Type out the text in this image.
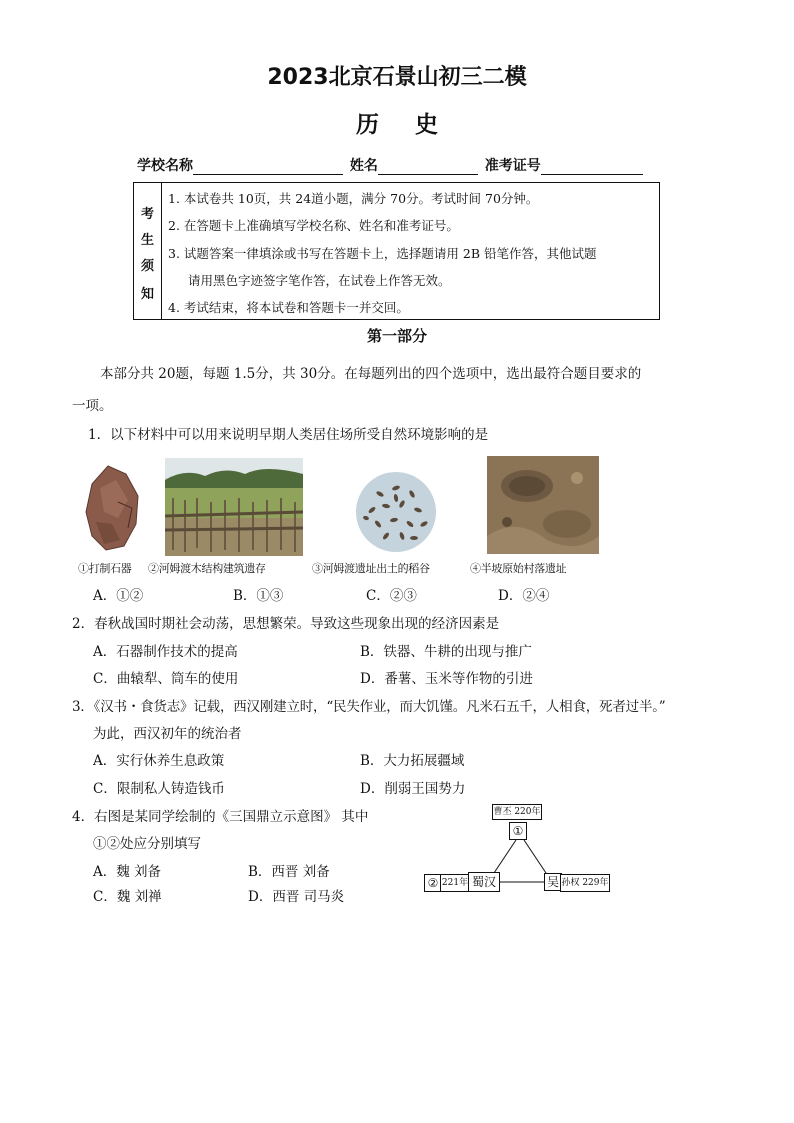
2023北京石景山初三二模
历史
学校名称	姓名	准考证号
考
生
须
知
1. 本试卷共 10页，共 24道小题，满分 70分。考试时间 70分钟。
2. 在答题卡上准确填写学校名称、姓名和准考证号。
3. 试题答案一律填涂或书写在答题卡上，选择题请用 2B 铅笔作答，其他试题
请用黑色字迹签字笔作答，在试卷上作答无效。
4. 考试结束，将本试卷和答题卡一并交回。
第一部分
本部分共 20题，每题 1.5分，共 30分。在每题列出的四个选项中，选出最符合题目要求的
一项。
1．以下材料中可以用来说明早期人类居住场所受自然环境影响的是
①打制石器 ②河姆渡木结构建筑遗存	③河姆渡遗址出土的稻谷	④半坡原始村落遗址
A．①②	B．①③	C．②③	D．②④
2．春秋战国时期社会动荡，思想繁荣。导致这些现象出现的经济因素是
A．石器制作技术的提高	B．铁器、牛耕的出现与推广
C．曲辕犁、筒车的使用	D．番薯、玉米等作物的引进
3．《汉书・食货志》记载，西汉刚建立时，“民失作业，而大饥馑。凡米石五千，人相食，死者过半。”
为此，西汉初年的统治者
A．实行休养生息政策	B．大力拓展疆域
C．限制私人铸造钱币	D．削弱王国势力
4．右图是某同学绘制的《三国鼎立示意图》 其中
①②处应分别填写
A．魏 刘备	B．西晋 刘备
C．魏 刘禅	D．西晋 司马炎
曹丕 220年
①
② 221年 蜀汉	吴 孙权 229年
